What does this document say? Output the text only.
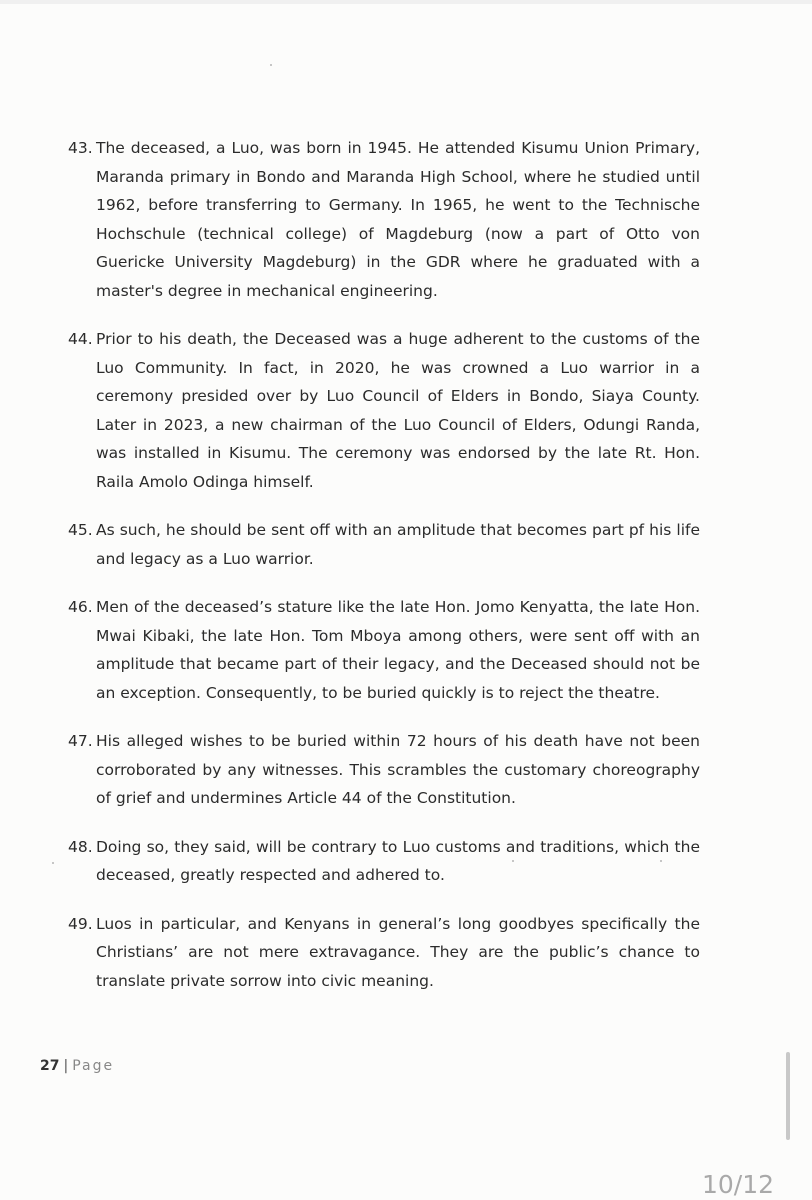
43. The deceased, a Luo, was born in 1945. He attended Kisumu Union Primary, Maranda primary in Bondo and Maranda High School, where he studied until 1962, before transferring to Germany. In 1965, he went to the Technische Hochschule (technical college) of Magdeburg (now a part of Otto von Guericke University Magdeburg) in the GDR where he graduated with a master's degree in mechanical engineering.
44. Prior to his death, the Deceased was a huge adherent to the customs of the Luo Community. In fact, in 2020, he was crowned a Luo warrior in a ceremony presided over by Luo Council of Elders in Bondo, Siaya County. Later in 2023, a new chairman of the Luo Council of Elders, Odungi Randa, was installed in Kisumu. The ceremony was endorsed by the late Rt. Hon. Raila Amolo Odinga himself.
45. As such, he should be sent off with an amplitude that becomes part pf his life and legacy as a Luo warrior.
46. Men of the deceased’s stature like the late Hon. Jomo Kenyatta, the late Hon. Mwai Kibaki, the late Hon. Tom Mboya among others, were sent off with an amplitude that became part of their legacy, and the Deceased should not be an exception. Consequently, to be buried quickly is to reject the theatre.
47. His alleged wishes to be buried within 72 hours of his death have not been corroborated by any witnesses. This scrambles the customary choreography of grief and undermines Article 44 of the Constitution.
48. Doing so, they said, will be contrary to Luo customs and traditions, which the deceased, greatly respected and adhered to.
49. Luos in particular, and Kenyans in general’s long goodbyes specifically the Christians’ are not mere extravagance. They are the public’s chance to translate private sorrow into civic meaning.
27 | Page
10/12
